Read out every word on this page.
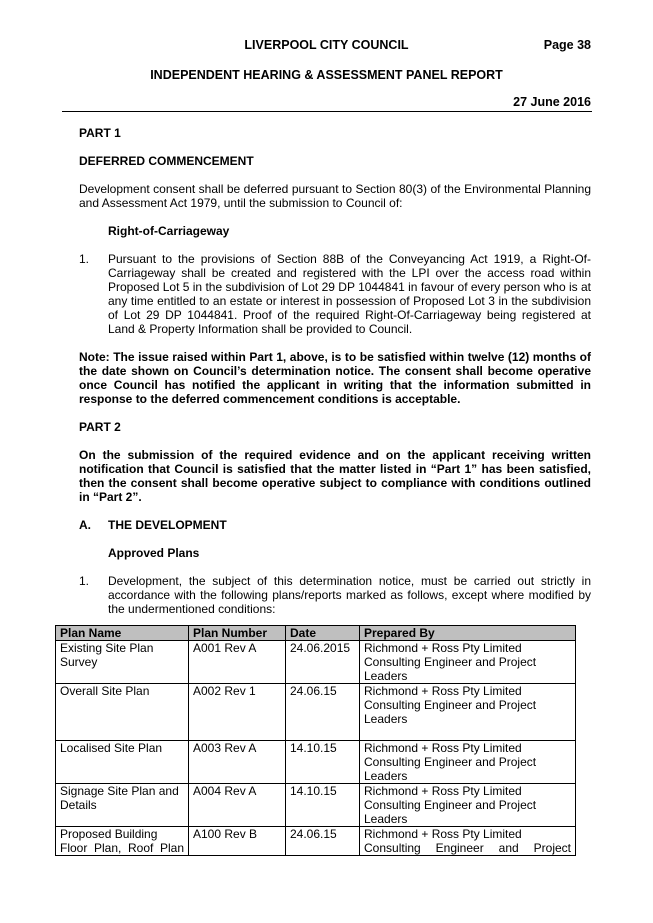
LIVERPOOL CITY COUNCIL	Page 38
INDEPENDENT HEARING & ASSESSMENT PANEL REPORT
27 June 2016
PART 1
DEFERRED COMMENCEMENT
Development consent shall be deferred pursuant to Section 80(3) of the Environmental Planning and Assessment Act 1979, until the submission to Council of:
Right-of-Carriageway
1.	Pursuant to the provisions of Section 88B of the Conveyancing Act 1919, a Right-Of-Carriageway shall be created and registered with the LPI over the access road within Proposed Lot 5 in the subdivision of Lot 29 DP 1044841 in favour of every person who is at any time entitled to an estate or interest in possession of Proposed Lot 3 in the subdivision of Lot 29 DP 1044841. Proof of the required Right-Of-Carriageway being registered at Land & Property Information shall be provided to Council.
Note: The issue raised within Part 1, above, is to be satisfied within twelve (12) months of the date shown on Council’s determination notice. The consent shall become operative once Council has notified the applicant in writing that the information submitted in response to the deferred commencement conditions is acceptable.
PART 2
On the submission of the required evidence and on the applicant receiving written notification that Council is satisfied that the matter listed in “Part 1” has been satisfied, then the consent shall become operative subject to compliance with conditions outlined in “Part 2”.
A.	THE DEVELOPMENT
Approved Plans
1.	Development, the subject of this determination notice, must be carried out strictly in accordance with the following plans/reports marked as follows, except where modified by the undermentioned conditions:
Plan Name	Plan Number	Date	Prepared By
Existing Site Plan Survey	A001 Rev A	24.06.2015	Richmond + Ross Pty Limited Consulting Engineer and Project Leaders
Overall Site Plan	A002 Rev 1	24.06.15	Richmond + Ross Pty Limited Consulting Engineer and Project Leaders
Localised Site Plan	A003 Rev A	14.10.15	Richmond + Ross Pty Limited Consulting Engineer and Project Leaders
Signage Site Plan and Details	A004 Rev A	14.10.15	Richmond + Ross Pty Limited Consulting Engineer and Project Leaders
Proposed Building Floor Plan, Roof Plan	A100 Rev B	24.06.15	Richmond + Ross Pty Limited Consulting Engineer and Project
